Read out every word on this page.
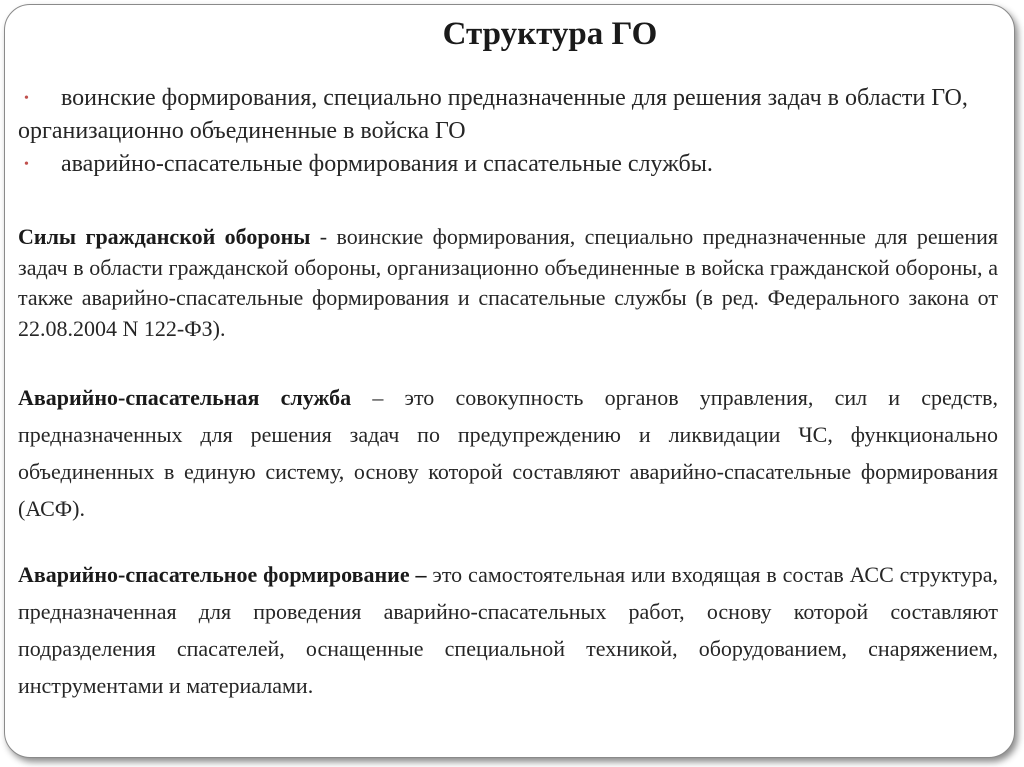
Структура ГО

• воинские формирования, специально предназначенные для решения задач в области ГО, организационно объединенные в войска ГО

• аварийно-спасательные формирования и спасательные службы.

Силы гражданской обороны - воинские формирования, специально предназначенные для решения задач в области гражданской обороны, организационно объединенные в войска гражданской обороны, а также аварийно-спасательные формирования и спасательные службы (в ред. Федерального закона от 22.08.2004 N 122-ФЗ).

Аварийно-спасательная служба – это совокупность органов управления, сил и средств, предназначенных для решения задач по предупреждению и ликвидации ЧС, функционально объединенных в единую систему, основу которой составляют аварийно-спасательные формирования (АСФ).

Аварийно-спасательное формирование – это самостоятельная или входящая в состав АСС структура, предназначенная для проведения аварийно-спасательных работ, основу которой составляют подразделения спасателей, оснащенные специальной техникой, оборудованием, снаряжением, инструментами и материалами.
